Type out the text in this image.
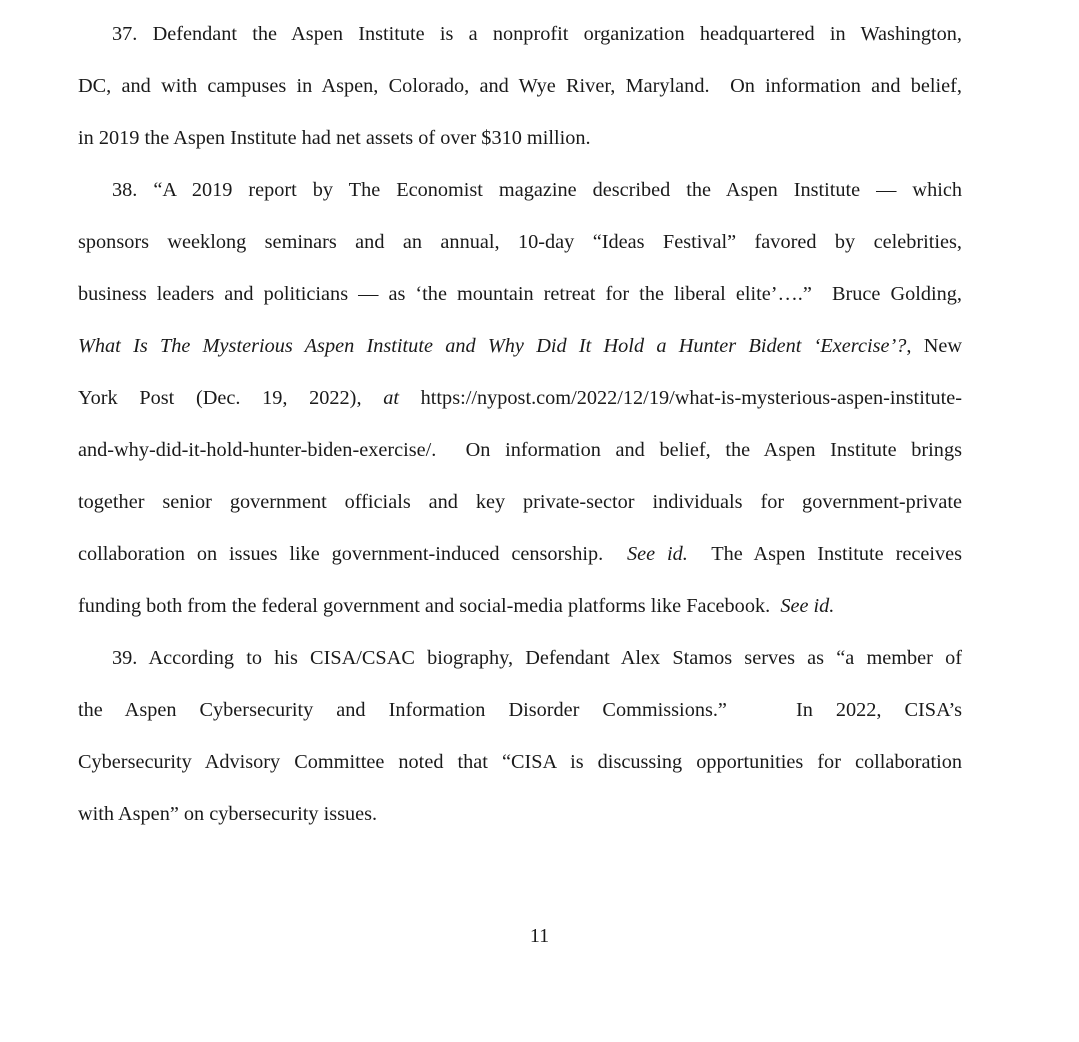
37. Defendant the Aspen Institute is a nonprofit organization headquartered in Washington,
DC, and with campuses in Aspen, Colorado, and Wye River, Maryland.  On information and belief,
in 2019 the Aspen Institute had net assets of over $310 million.
38. “A 2019 report by The Economist magazine described the Aspen Institute — which
sponsors weeklong seminars and an annual, 10-day “Ideas Festival” favored by celebrities,
business leaders and politicians — as ‘the mountain retreat for the liberal elite’….”  Bruce Golding,
What Is The Mysterious Aspen Institute and Why Did It Hold a Hunter Bident ‘Exercise’?, New
York Post (Dec. 19, 2022), at https://nypost.com/2022/12/19/what-is-mysterious-aspen-institute-
and-why-did-it-hold-hunter-biden-exercise/.  On information and belief, the Aspen Institute brings
together senior government officials and key private-sector individuals for government-private
collaboration on issues like government-induced censorship.  See id.  The Aspen Institute receives
funding both from the federal government and social-media platforms like Facebook.  See id.
39. According to his CISA/CSAC biography, Defendant Alex Stamos serves as “a member of
the Aspen Cybersecurity and Information Disorder Commissions.”   In 2022, CISA’s
Cybersecurity Advisory Committee noted that “CISA is discussing opportunities for collaboration
with Aspen” on cybersecurity issues.
11
